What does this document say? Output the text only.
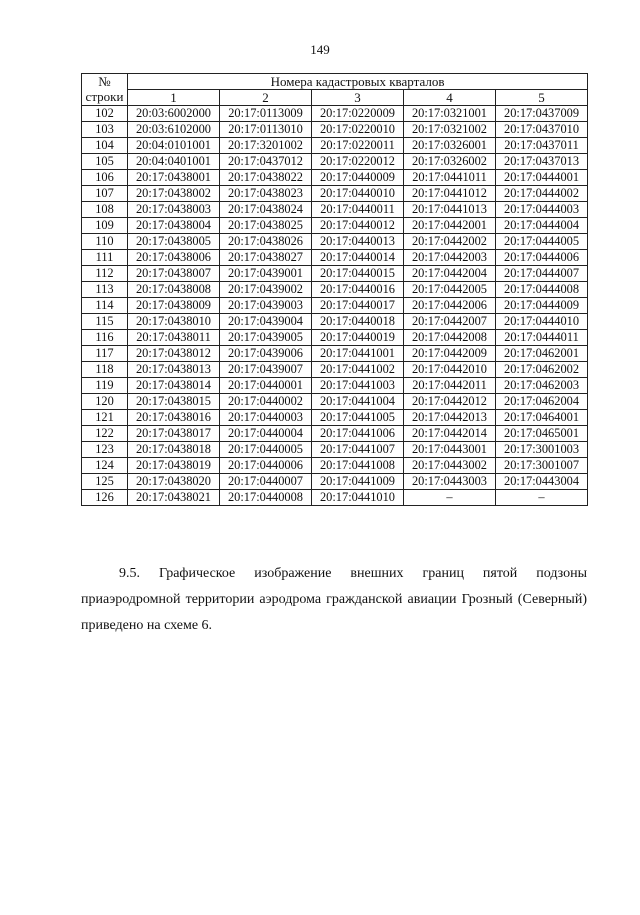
149
№
строки	Номера кадастровых кварталов				
	1	2	3	4	5
102	20:03:6002000	20:17:0113009	20:17:0220009	20:17:0321001	20:17:0437009
103	20:03:6102000	20:17:0113010	20:17:0220010	20:17:0321002	20:17:0437010
104	20:04:0101001	20:17:3201002	20:17:0220011	20:17:0326001	20:17:0437011
105	20:04:0401001	20:17:0437012	20:17:0220012	20:17:0326002	20:17:0437013
106	20:17:0438001	20:17:0438022	20:17:0440009	20:17:0441011	20:17:0444001
107	20:17:0438002	20:17:0438023	20:17:0440010	20:17:0441012	20:17:0444002
108	20:17:0438003	20:17:0438024	20:17:0440011	20:17:0441013	20:17:0444003
109	20:17:0438004	20:17:0438025	20:17:0440012	20:17:0442001	20:17:0444004
110	20:17:0438005	20:17:0438026	20:17:0440013	20:17:0442002	20:17:0444005
111	20:17:0438006	20:17:0438027	20:17:0440014	20:17:0442003	20:17:0444006
112	20:17:0438007	20:17:0439001	20:17:0440015	20:17:0442004	20:17:0444007
113	20:17:0438008	20:17:0439002	20:17:0440016	20:17:0442005	20:17:0444008
114	20:17:0438009	20:17:0439003	20:17:0440017	20:17:0442006	20:17:0444009
115	20:17:0438010	20:17:0439004	20:17:0440018	20:17:0442007	20:17:0444010
116	20:17:0438011	20:17:0439005	20:17:0440019	20:17:0442008	20:17:0444011
117	20:17:0438012	20:17:0439006	20:17:0441001	20:17:0442009	20:17:0462001
118	20:17:0438013	20:17:0439007	20:17:0441002	20:17:0442010	20:17:0462002
119	20:17:0438014	20:17:0440001	20:17:0441003	20:17:0442011	20:17:0462003
120	20:17:0438015	20:17:0440002	20:17:0441004	20:17:0442012	20:17:0462004
121	20:17:0438016	20:17:0440003	20:17:0441005	20:17:0442013	20:17:0464001
122	20:17:0438017	20:17:0440004	20:17:0441006	20:17:0442014	20:17:0465001
123	20:17:0438018	20:17:0440005	20:17:0441007	20:17:0443001	20:17:3001003
124	20:17:0438019	20:17:0440006	20:17:0441008	20:17:0443002	20:17:3001007
125	20:17:0438020	20:17:0440007	20:17:0441009	20:17:0443003	20:17:0443004
126	20:17:0438021	20:17:0440008	20:17:0441010	–	–
9.5. Графическое изображение внешних границ пятой подзоны
приаэродромной территории аэродрома гражданской авиации Грозный (Северный) приведено на схеме 6.
